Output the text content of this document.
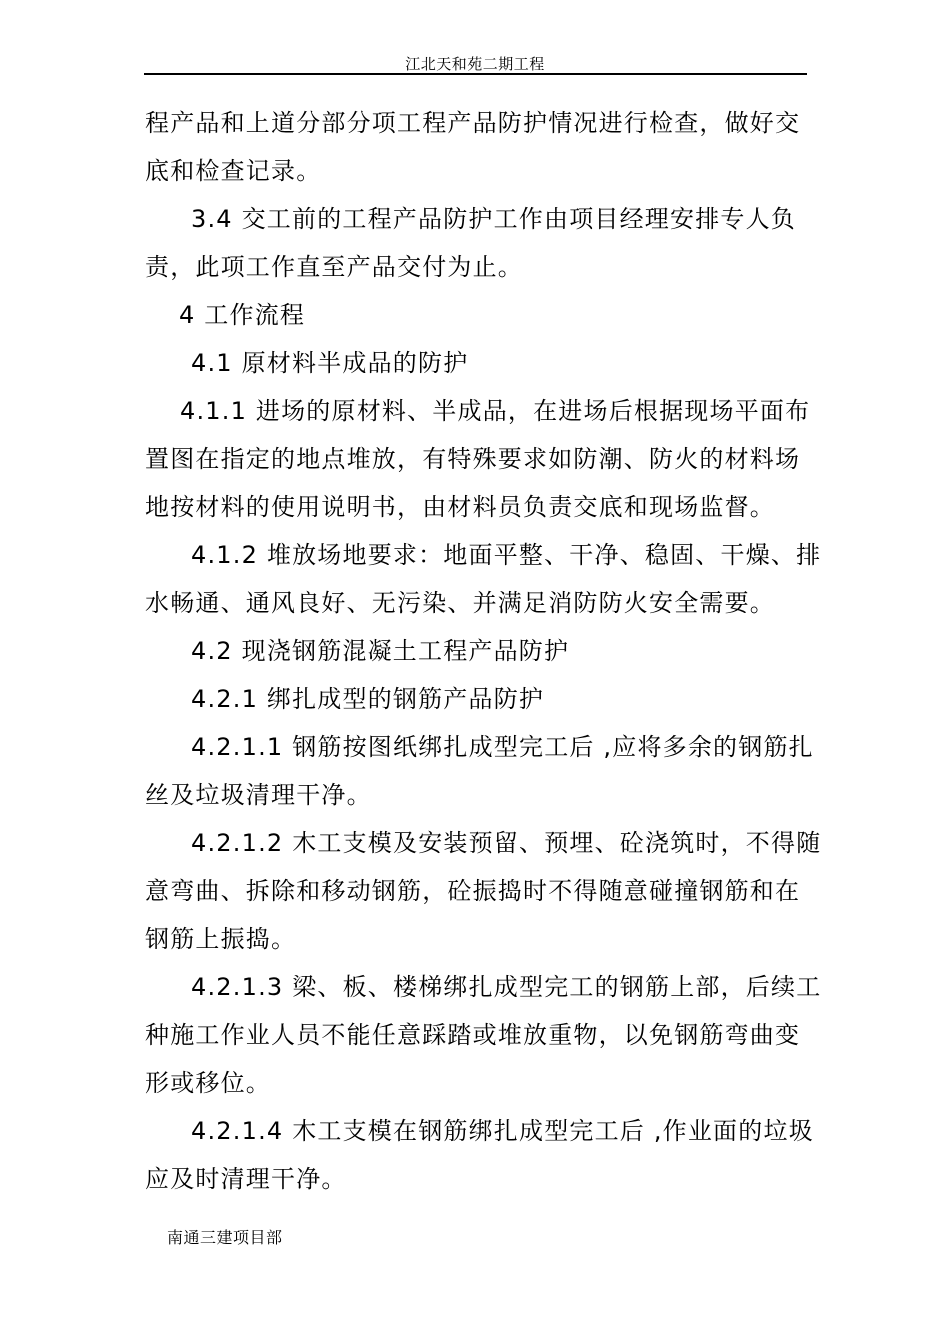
江北天和苑二期工程
程产品和上道分部分项工程产品防护情况进行检查，做好交
底和检查记录。
3.4 交工前的工程产品防护工作由项目经理安排专人负
责，此项工作直至产品交付为止。
4 工作流程
4.1 原材料半成品的防护
4.1.1 进场的原材料、半成品，在进场后根据现场平面布
置图在指定的地点堆放，有特殊要求如防潮、防火的材料场
地按材料的使用说明书，由材料员负责交底和现场监督。
4.1.2 堆放场地要求：地面平整、干净、稳固、干燥、排
水畅通、通风良好、无污染、并满足消防防火安全需要。
4.2 现浇钢筋混凝土工程产品防护
4.2.1 绑扎成型的钢筋产品防护
4.2.1.1 钢筋按图纸绑扎成型完工后 ,应将多余的钢筋扎
丝及垃圾清理干净。
4.2.1.2 木工支模及安装预留、预埋、砼浇筑时，不得随
意弯曲、拆除和移动钢筋，砼振捣时不得随意碰撞钢筋和在
钢筋上振捣。
4.2.1.3 梁、板、楼梯绑扎成型完工的钢筋上部，后续工
种施工作业人员不能任意踩踏或堆放重物，以免钢筋弯曲变
形或移位。
4.2.1.4 木工支模在钢筋绑扎成型完工后 ,作业面的垃圾
应及时清理干净。
南通三建项目部
